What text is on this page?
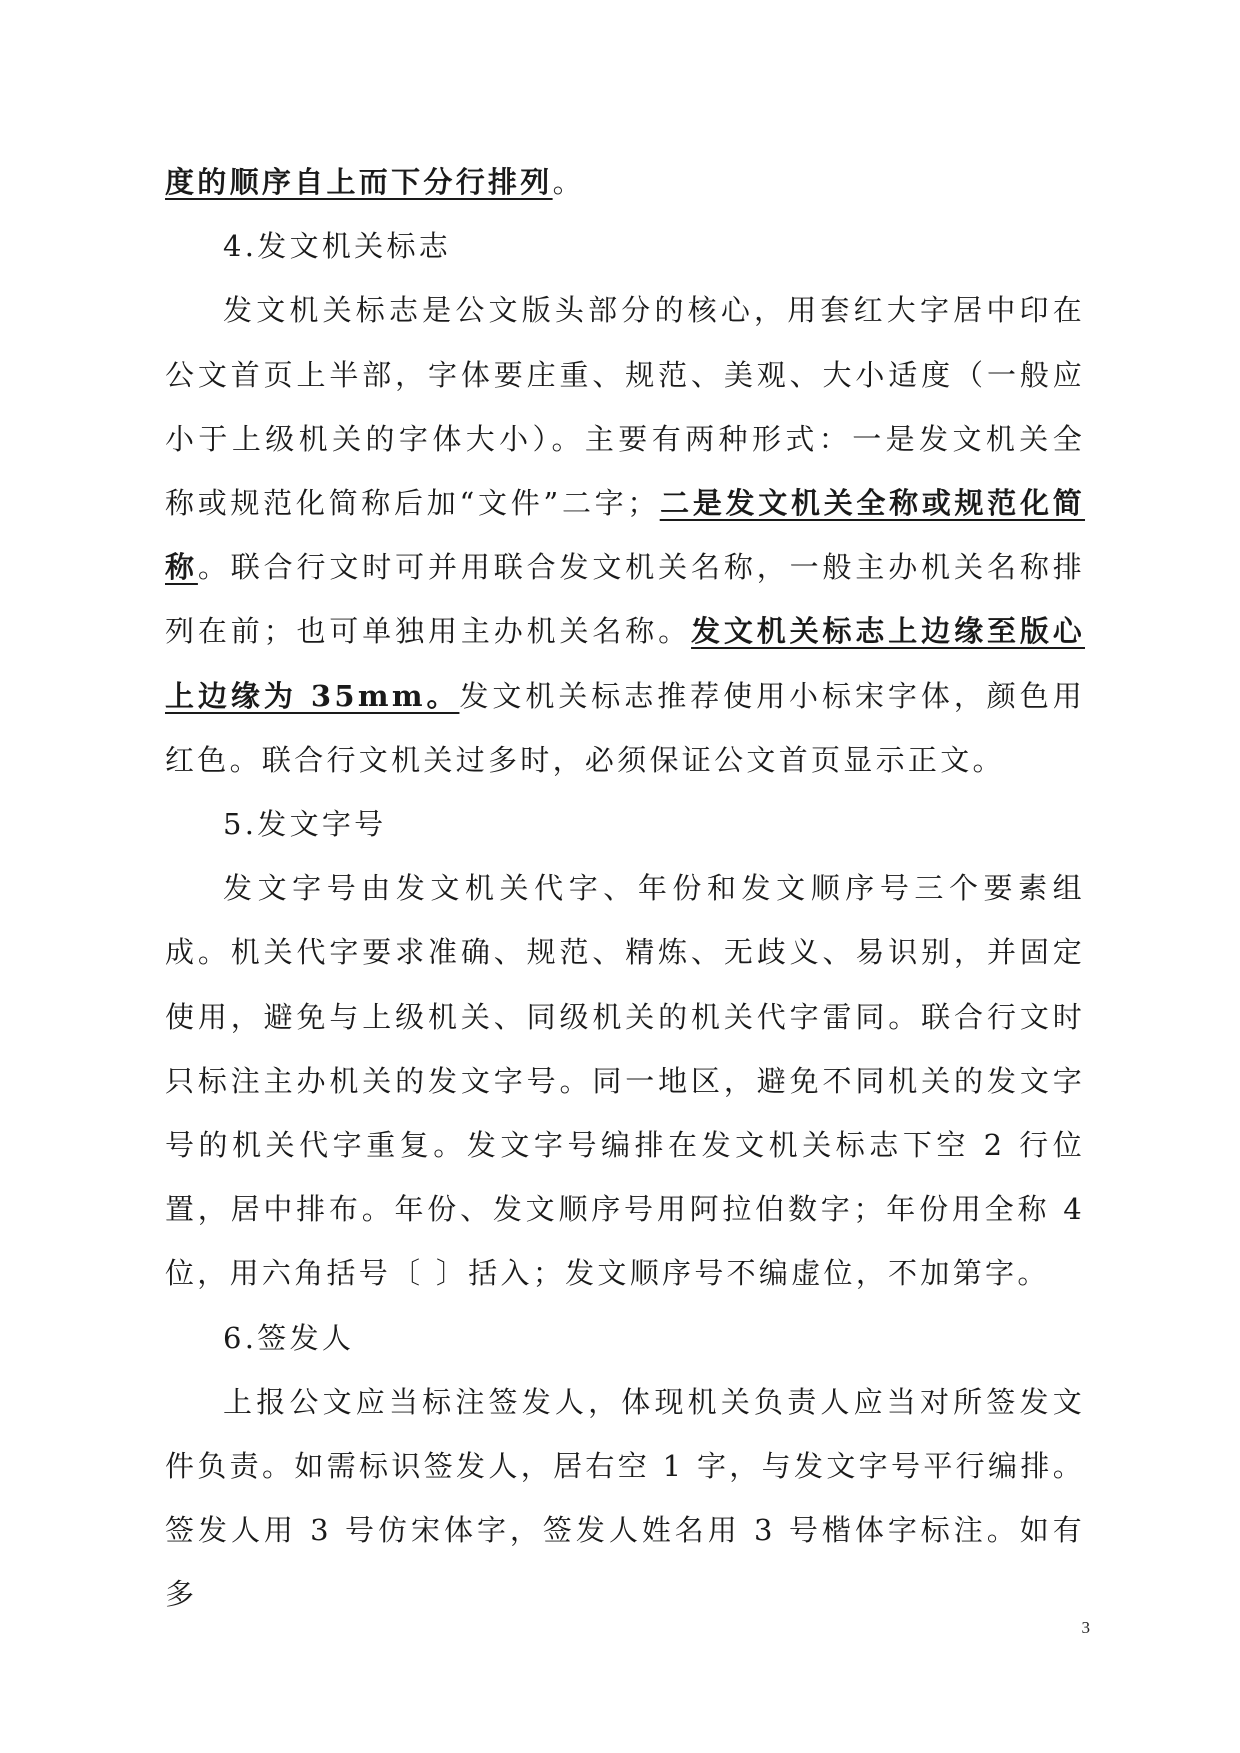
度的顺序自上而下分行排列。

4.发文机关标志

发文机关标志是公文版头部分的核心，用套红大字居中印在公文首页上半部，字体要庄重、规范、美观、大小适度（一般应小于上级机关的字体大小）。主要有两种形式：一是发文机关全称或规范化简称后加“文件”二字；二是发文机关全称或规范化简称。联合行文时可并用联合发文机关名称，一般主办机关名称排列在前；也可单独用主办机关名称。发文机关标志上边缘至版心上边缘为 35mm。发文机关标志推荐使用小标宋字体，颜色用红色。联合行文机关过多时，必须保证公文首页显示正文。

5.发文字号

发文字号由发文机关代字、年份和发文顺序号三个要素组成。机关代字要求准确、规范、精炼、无歧义、易识别，并固定使用，避免与上级机关、同级机关的机关代字雷同。联合行文时只标注主办机关的发文字号。同一地区，避免不同机关的发文字号的机关代字重复。发文字号编排在发文机关标志下空 2 行位置，居中排布。年份、发文顺序号用阿拉伯数字；年份用全称 4 位，用六角括号〔 〕括入；发文顺序号不编虚位，不加第字。

6.签发人

上报公文应当标注签发人，体现机关负责人应当对所签发文件负责。如需标识签发人，居右空 1 字，与发文字号平行编排。签发人用 3 号仿宋体字，签发人姓名用 3 号楷体字标注。如有多

3
